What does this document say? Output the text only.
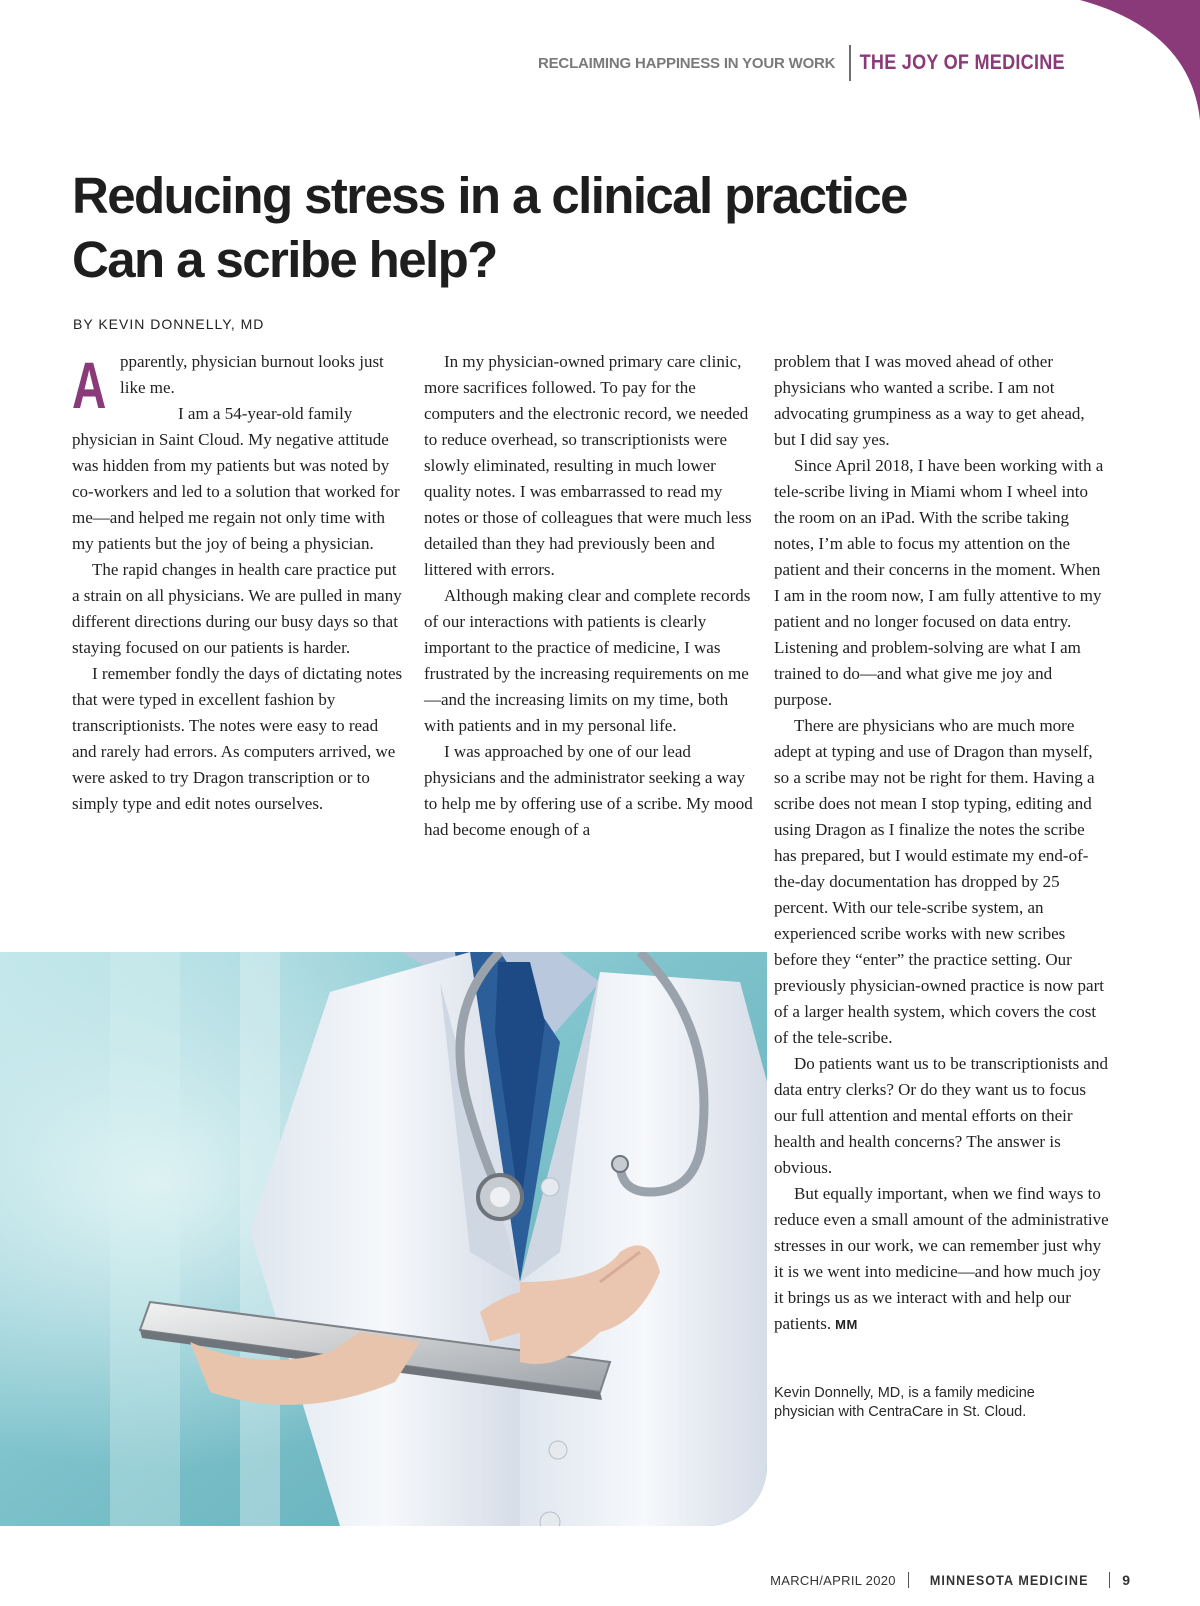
RECLAIMING HAPPINESS IN YOUR WORK	THE JOY OF MEDICINE
Reducing stress in a clinical practice
Can a scribe help?
BY KEVIN DONNELLY, MD

A pparently, physician burnout looks just like me.

I am a 54-year-old family physician in Saint Cloud. My negative attitude was hidden from my patients but was noted by co-workers and led to a solution that worked for me—and helped me regain not only time with my patients but the joy of being a physician.

The rapid changes in health care practice put a strain on all physicians. We are pulled in many different directions during our busy days so that staying focused on our patients is harder.

I remember fondly the days of dictating notes that were typed in excellent fashion by transcriptionists. The notes were easy to read and rarely had errors. As computers arrived, we were asked to try Dragon transcription or to simply type and edit notes ourselves.

In my physician-owned primary care clinic, more sacrifices followed. To pay for the computers and the electronic record, we needed to reduce overhead, so transcriptionists were slowly eliminated, resulting in much lower quality notes. I was embarrassed to read my notes or those of colleagues that were much less detailed than they had previously been and littered with errors.

Although making clear and complete records of our interactions with patients is clearly important to the practice of medicine, I was frustrated by the increasing requirements on me—and the increasing limits on my time, both with patients and in my personal life.

I was approached by one of our lead physicians and the administrator seeking a way to help me by offering use of a scribe. My mood had become enough of a

problem that I was moved ahead of other physicians who wanted a scribe. I am not advocating grumpiness as a way to get ahead, but I did say yes.

Since April 2018, I have been working with a tele-scribe living in Miami whom I wheel into the room on an iPad. With the scribe taking notes, I’m able to focus my attention on the patient and their concerns in the moment. When I am in the room now, I am fully attentive to my patient and no longer focused on data entry. Listening and problem-solving are what I am trained to do—and what give me joy and purpose.

There are physicians who are much more adept at typing and use of Dragon than myself, so a scribe may not be right for them. Having a scribe does not mean I stop typing, editing and using Dragon as I finalize the notes the scribe has prepared, but I would estimate my end-of-the-day documentation has dropped by 25 percent. With our tele-scribe system, an experienced scribe works with new scribes before they “enter” the practice setting. Our previously physician-owned practice is now part of a larger health system, which covers the cost of the tele-scribe.

Do patients want us to be transcriptionists and data entry clerks? Or do they want us to focus our full attention and mental efforts on their health and health concerns? The answer is obvious.

But equally important, when we find ways to reduce even a small amount of the administrative stresses in our work, we can remember just why it is we went into medicine—and how much joy it brings us as we interact with and help our patients. MM

Kevin Donnelly, MD, is a family medicine physician with CentraCare in St. Cloud.
MARCH/APRIL 2020 MINNESOTA MEDICINE 9
